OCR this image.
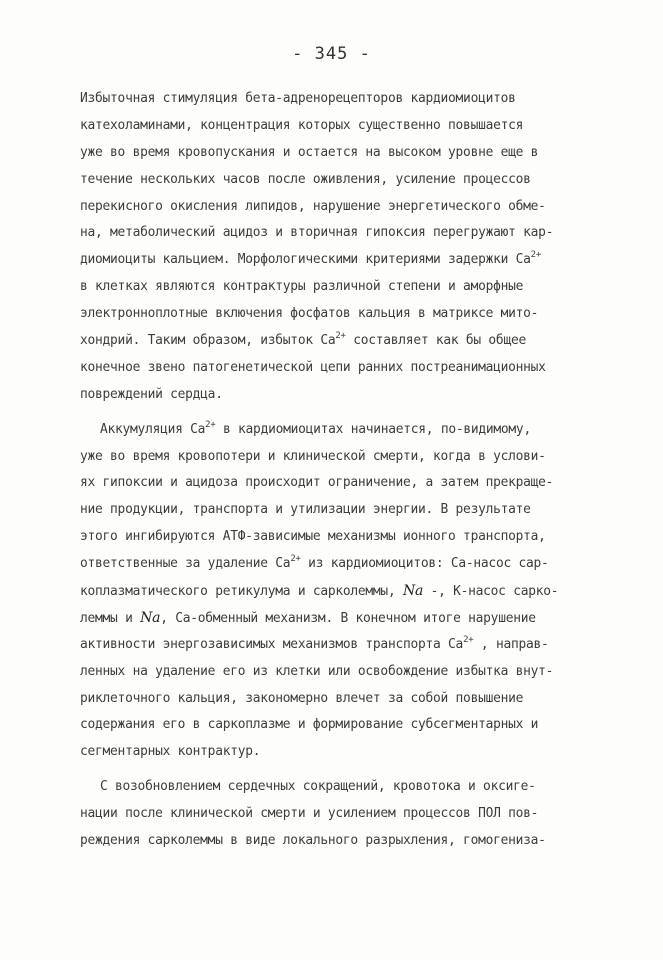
- 345 -
Избыточная стимуляция бета-адренорецепторов кардиомиоцитов
катехоламинами, концентрация которых существенно повышается
уже во время кровопускания и остается на высоком уровне еще в
течение нескольких часов после оживления, усиление процессов
перекисного окисления липидов, нарушение энергетического обме-
на, метаболический ацидоз и вторичная гипоксия перегружают кар-
диомиоциты кальцием. Морфологическими критериями задержки $Ca^{2+}$
в клетках являются контрактуры различной степени и аморфные
электронноплотные включения фосфатов кальция в матриксе мито-
хондрий. Таким образом, избыток $Ca^{2+}$ составляет как бы общее
конечное звено патогенетической цепи ранних постреанимационных
повреждений сердца.
Аккумуляция $Ca^{2+}$ в кардиомиоцитах начинается, по-видимому,
уже во время кровопотери и клинической смерти, когда в услови-
ях гипоксии и ацидоза происходит ограничение, а затем прекраще-
ние продукции, транспорта и утилизации энергии. В результате
этого ингибируются АТФ-зависимые механизмы ионного транспорта,
ответственные за удаление $Ca^{2+}$ из кардиомиоцитов: Са-насос сар-
коплазматического ретикулума и сарколеммы, Na -, К-насос сарко-
леммы и Na, Са-обменный механизм. В конечном итоге нарушение
активности энергозависимых механизмов транспорта $Ca^{2+}$ , направ-
ленных на удаление его из клетки или освобождение избытка внут-
риклеточного кальция, закономерно влечет за собой повышение
содержания его в саркоплазме и формирование субсегментарных и
сегментарных контрактур.
С возобновлением сердечных сокращений, кровотока и оксиге-
нации после клинической смерти и усилением процессов ПОЛ пов-
реждения сарколеммы в виде локального разрыхления, гомогениза-
